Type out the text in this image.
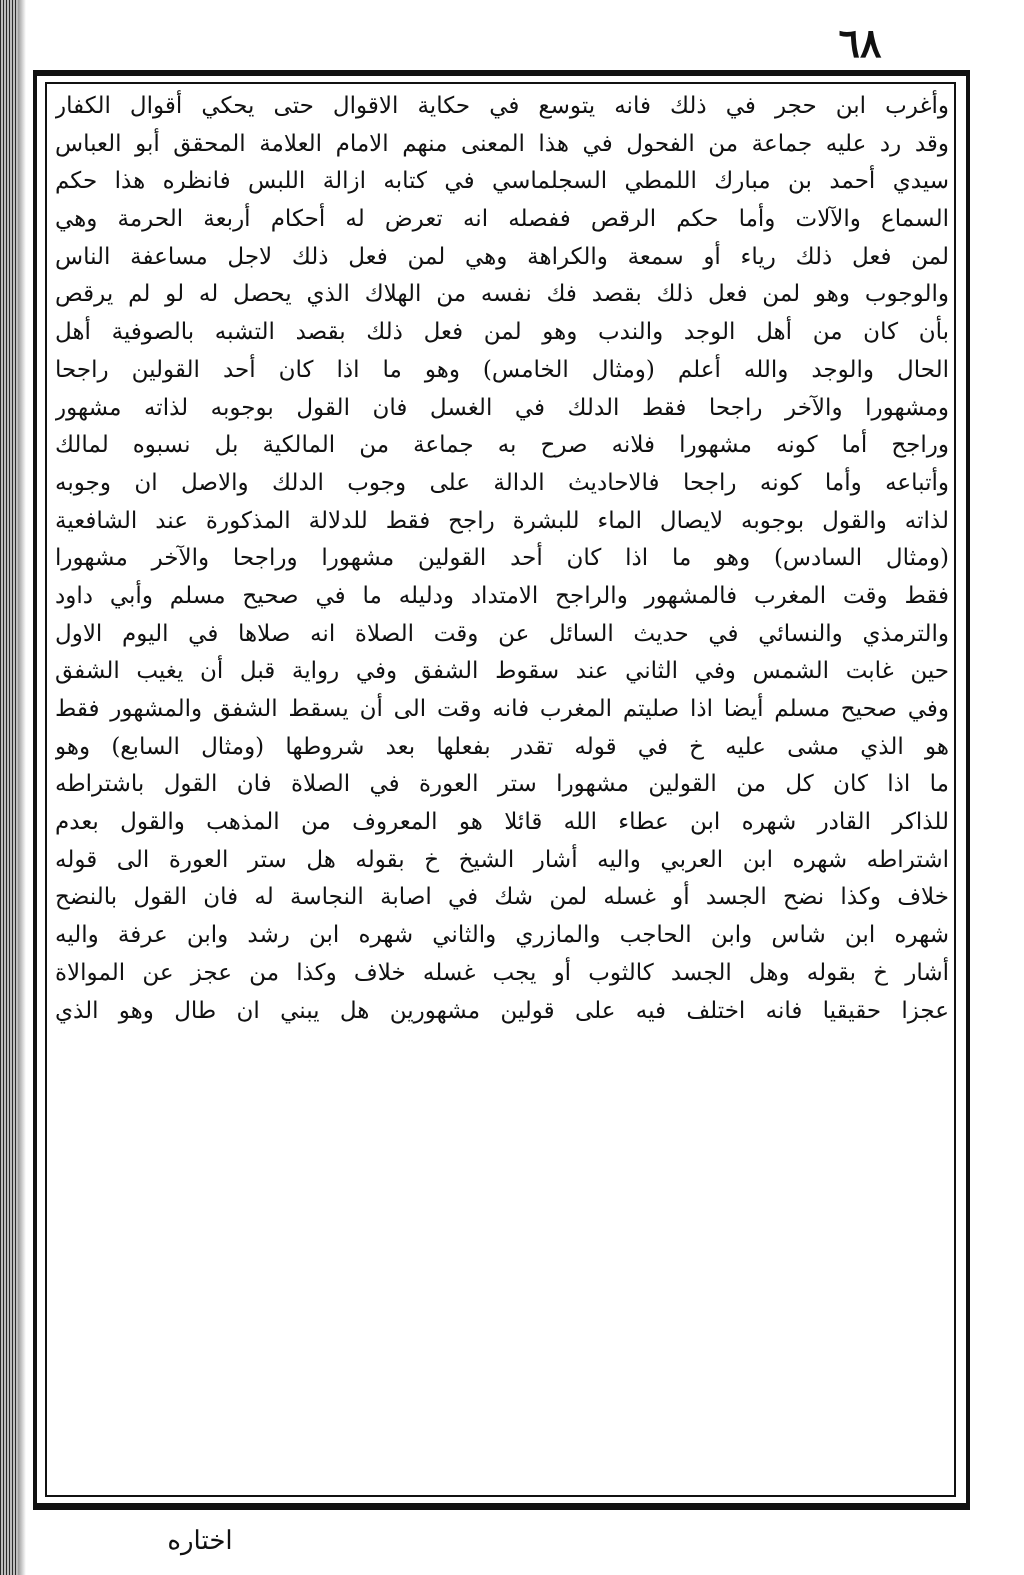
٦٨
وأغرب ابن حجر في ذلك فانه يتوسع في حكاية الاقوال حتى يحكي أقوال الكفار
وقد رد عليه جماعة من الفحول في هذا المعنى منهم الامام العلامة المحقق أبو العباس
سيدي أحمد بن مبارك اللمطي السجلماسي في كتابه ازالة اللبس فانظره هذا حكم
السماع والآلات وأما حكم الرقص ففصله انه تعرض له أحكام أربعة الحرمة وهي
لمن فعل ذلك رياء أو سمعة والكراهة وهي لمن فعل ذلك لاجل مساعفة الناس
والوجوب وهو لمن فعل ذلك بقصد فك نفسه من الهلاك الذي يحصل له لو لم يرقص
بأن كان من أهل الوجد والندب وهو لمن فعل ذلك بقصد التشبه بالصوفية أهل
الحال والوجد والله أعلم (ومثال الخامس) وهو ما اذا كان أحد القولين راجحا
ومشهورا والآخر راجحا فقط الدلك في الغسل فان القول بوجوبه لذاته مشهور
وراجح أما كونه مشهورا فلانه صرح به جماعة من المالكية بل نسبوه لمالك
وأتباعه وأما كونه راجحا فالاحاديث الدالة على وجوب الدلك والاصل ان وجوبه
لذاته والقول بوجوبه لايصال الماء للبشرة راجح فقط للدلالة المذكورة عند الشافعية
(ومثال السادس) وهو ما اذا كان أحد القولين مشهورا وراجحا والآخر مشهورا
فقط وقت المغرب فالمشهور والراجح الامتداد ودليله ما في صحيح مسلم وأبي داود
والترمذي والنسائي في حديث السائل عن وقت الصلاة انه صلاها في اليوم الاول
حين غابت الشمس وفي الثاني عند سقوط الشفق وفي رواية قبل أن يغيب الشفق
وفي صحيح مسلم أيضا اذا صليتم المغرب فانه وقت الى أن يسقط الشفق والمشهور فقط
هو الذي مشى عليه خ في قوله تقدر بفعلها بعد شروطها (ومثال السابع) وهو
ما اذا كان كل من القولين مشهورا ستر العورة في الصلاة فان القول باشتراطه
للذاكر القادر شهره ابن عطاء الله قائلا هو المعروف من المذهب والقول بعدم
اشتراطه شهره ابن العربي واليه أشار الشيخ خ بقوله هل ستر العورة الى قوله
خلاف وكذا نضح الجسد أو غسله لمن شك في اصابة النجاسة له فان القول بالنضح
شهره ابن شاس وابن الحاجب والمازري والثاني شهره ابن رشد وابن عرفة واليه
أشار خ بقوله وهل الجسد كالثوب أو يجب غسله خلاف وكذا من عجز عن الموالاة
عجزا حقيقيا فانه اختلف فيه على قولين مشهورين هل يبني ان طال وهو الذي
اختاره
